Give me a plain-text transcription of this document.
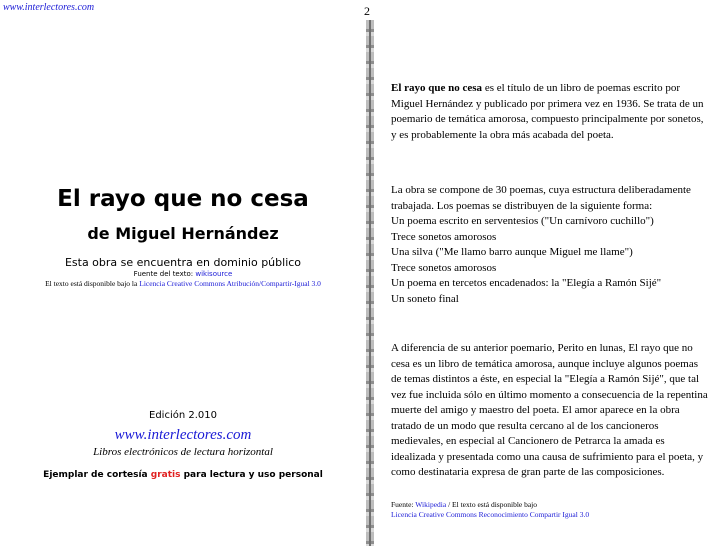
www.interlectores.com	2
El rayo que no cesa
de Miguel Hernández
Esta obra se encuentra en dominio público
Fuente del texto: wikisource
El texto está disponible bajo la Licencia Creative Commons Atribución/Compartir-Igual 3.0
Edición 2.010
www.interlectores.com
Libros electrónicos de lectura horizontal
Ejemplar de cortesía gratis para lectura y uso personal
El rayo que no cesa es el título de un libro de poemas escrito por Miguel Hernández y publicado por primera vez en 1936. Se trata de un poemario de temática amorosa, compuesto principalmente por sonetos, y es probablemente la obra más acabada del poeta.
La obra se compone de 30 poemas, cuya estructura deliberadamente trabajada. Los poemas se distribuyen de la siguiente forma:
Un poema escrito en serventesios ("Un carnívoro cuchillo")
Trece sonetos amorosos
Una silva ("Me llamo barro aunque Miguel me llame")
Trece sonetos amorosos
Un poema en tercetos encadenados: la "Elegía a Ramón Sijé"
Un soneto final
A diferencia de su anterior poemario, Perito en lunas, El rayo que no cesa es un libro de temática amorosa, aunque incluye algunos poemas de temas distintos a éste, en especial la "Elegía a Ramón Sijé", que tal vez fue incluida sólo en último momento a consecuencia de la repentina muerte del amigo y maestro del poeta. El amor aparece en la obra tratado de un modo que resulta cercano al de los cancioneros medievales, en especial al Cancionero de Petrarca la amada es idealizada y presentada como una causa de sufrimiento para el poeta, y como destinataria expresa de gran parte de las composiciones.
Fuente: Wikipedia / El texto está disponible bajo
Licencia Creative Commons Reconocimiento Compartir Igual 3.0
